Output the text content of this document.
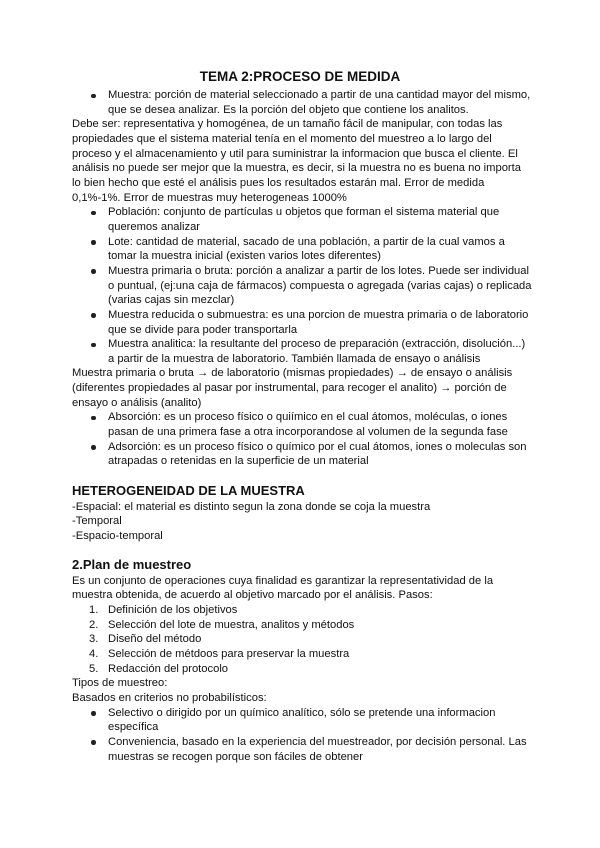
TEMA 2:PROCESO DE MEDIDA
Muestra: porción de material seleccionado a partir de una cantidad mayor del mismo, que se desea analizar. Es la porción del objeto que contiene los analitos.

Debe ser: representativa y homogénea, de un tamaño fácil de manipular, con todas las propiedades que el sistema material tenía en el momento del muestreo a lo largo del proceso y el almacenamiento y util para suministrar la informacion que busca el cliente. El análisis no puede ser mejor que la muestra, es decir, si la muestra no es buena no importa lo bien hecho que esté el análisis pues los resultados estarán mal. Error de medida 0,1%-1%. Error de muestras muy heterogeneas 1000%

Población: conjunto de partículas u objetos que forman el sistema material que queremos analizar
Lote: cantidad de material, sacado de una población, a partir de la cual vamos a tomar la muestra inicial (existen varios lotes diferentes)
Muestra primaria o bruta: porción a analizar a partir de los lotes. Puede ser individual o puntual, (ej:una caja de fármacos) compuesta o agregada (varias cajas) o replicada (varias cajas sin mezclar)
Muestra reducida o submuestra: es una porcion de muestra primaria o de laboratorio que se divide para poder transportarla
Muestra analitica: la resultante del proceso de preparación (extracción, disolución...) a partir de la muestra de laboratorio. También llamada de ensayo o análisis

Muestra primaria o bruta → de laboratorio (mismas propiedades) → de ensayo o análisis (diferentes propiedades al pasar por instrumental, para recoger el analito) → porción de ensayo o análisis (analito)

Absorción: es un proceso físico o quiímico en el cual átomos, moléculas, o iones pasan de una primera fase a otra incorporandose al volumen de la segunda fase
Adsorción: es un proceso físico o químico por el cual átomos, iones o moleculas son atrapadas o retenidas en la superficie de un material
HETEROGENEIDAD DE LA MUESTRA

-Espacial: el material es distinto segun la zona donde se coja la muestra

-Temporal

-Espacio-temporal

2.Plan de muestreo

Es un conjunto de operaciones cuya finalidad es garantizar la representatividad de la muestra obtenida, de acuerdo al objetivo marcado por el análisis. Pasos:

1. Definición de los objetivos
2. Selección del lote de muestra, analitos y métodos
3. Diseño del método
4. Selección de métdoos para preservar la muestra
5. Redacción del protocolo

Tipos de muestreo:

Basados en criterios no probabilísticos:

Selectivo o dirigido por un químico analítico, sólo se pretende una informacion específica
Conveniencia, basado en la experiencia del muestreador, por decisión personal. Las muestras se recogen porque son fáciles de obtener
